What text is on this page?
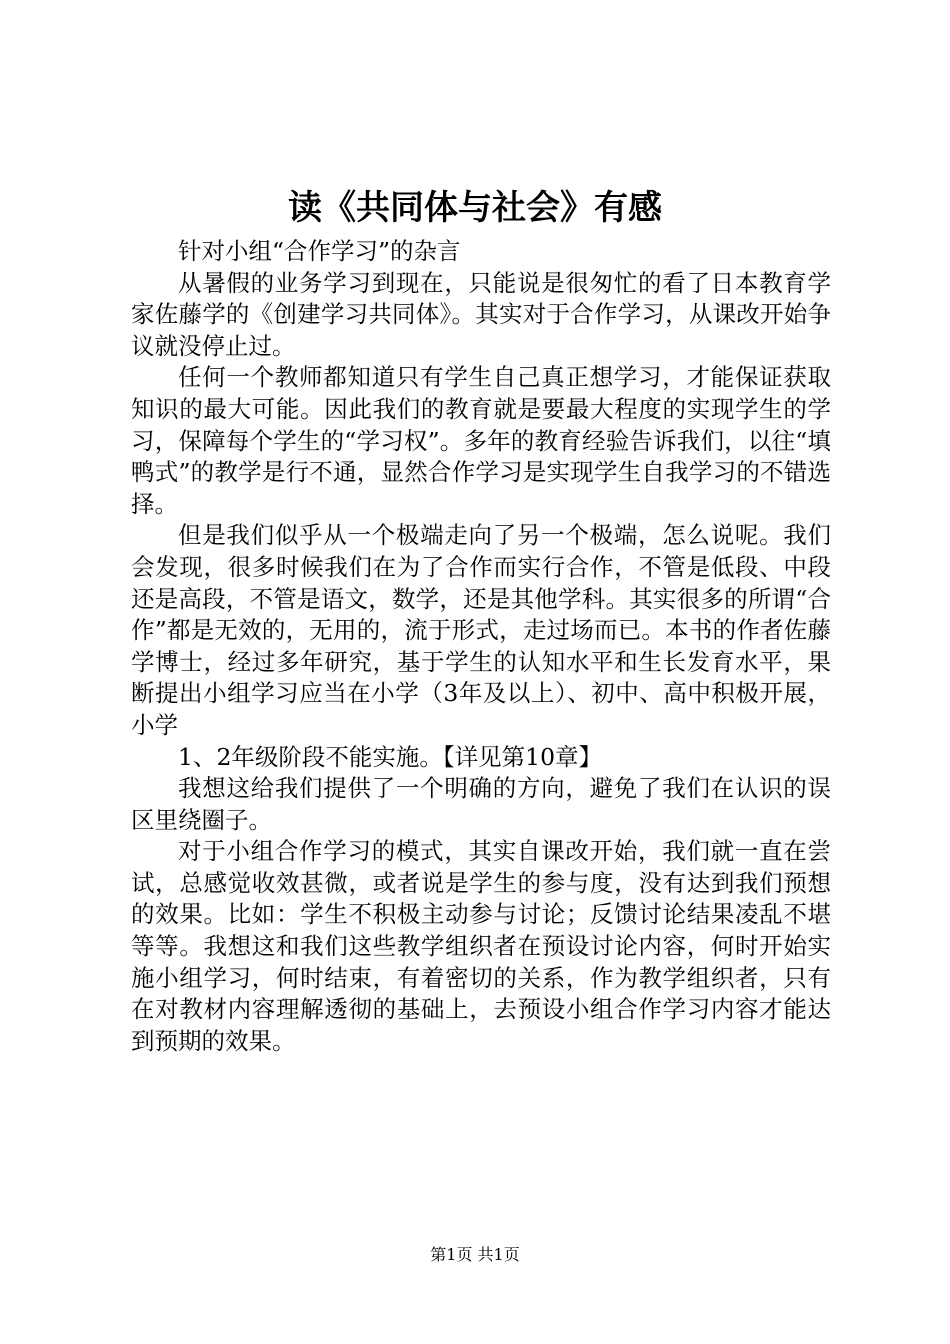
读《共同体与社会》有感

针对小组“合作学习”的杂言

从暑假的业务学习到现在，只能说是很匆忙的看了日本教育学家佐藤学的《创建学习共同体》。其实对于合作学习，从课改开始争议就没停止过。

任何一个教师都知道只有学生自己真正想学习，才能保证获取知识的最大可能。因此我们的教育就是要最大程度的实现学生的学习，保障每个学生的“学习权”。多年的教育经验告诉我们，以往“填鸭式”的教学是行不通，显然合作学习是实现学生自我学习的不错选择。

但是我们似乎从一个极端走向了另一个极端，怎么说呢。我们会发现，很多时候我们在为了合作而实行合作，不管是低段、中段还是高段，不管是语文，数学，还是其他学科。其实很多的所谓“合作”都是无效的，无用的，流于形式，走过场而已。本书的作者佐藤学博士，经过多年研究，基于学生的认知水平和生长发育水平，果断提出小组学习应当在小学（3年及以上）、初中、高中积极开展，小学

1、2年级阶段不能实施。【详见第10章】

我想这给我们提供了一个明确的方向，避免了我们在认识的误区里绕圈子。

对于小组合作学习的模式，其实自课改开始，我们就一直在尝试，总感觉收效甚微，或者说是学生的参与度，没有达到我们预想的效果。比如：学生不积极主动参与讨论；反馈讨论结果凌乱不堪等等。我想这和我们这些教学组织者在预设讨论内容，何时开始实施小组学习，何时结束，有着密切的关系，作为教学组织者，只有在对教材内容理解透彻的基础上，去预设小组合作学习内容才能达到预期的效果。

第1页 共1页
